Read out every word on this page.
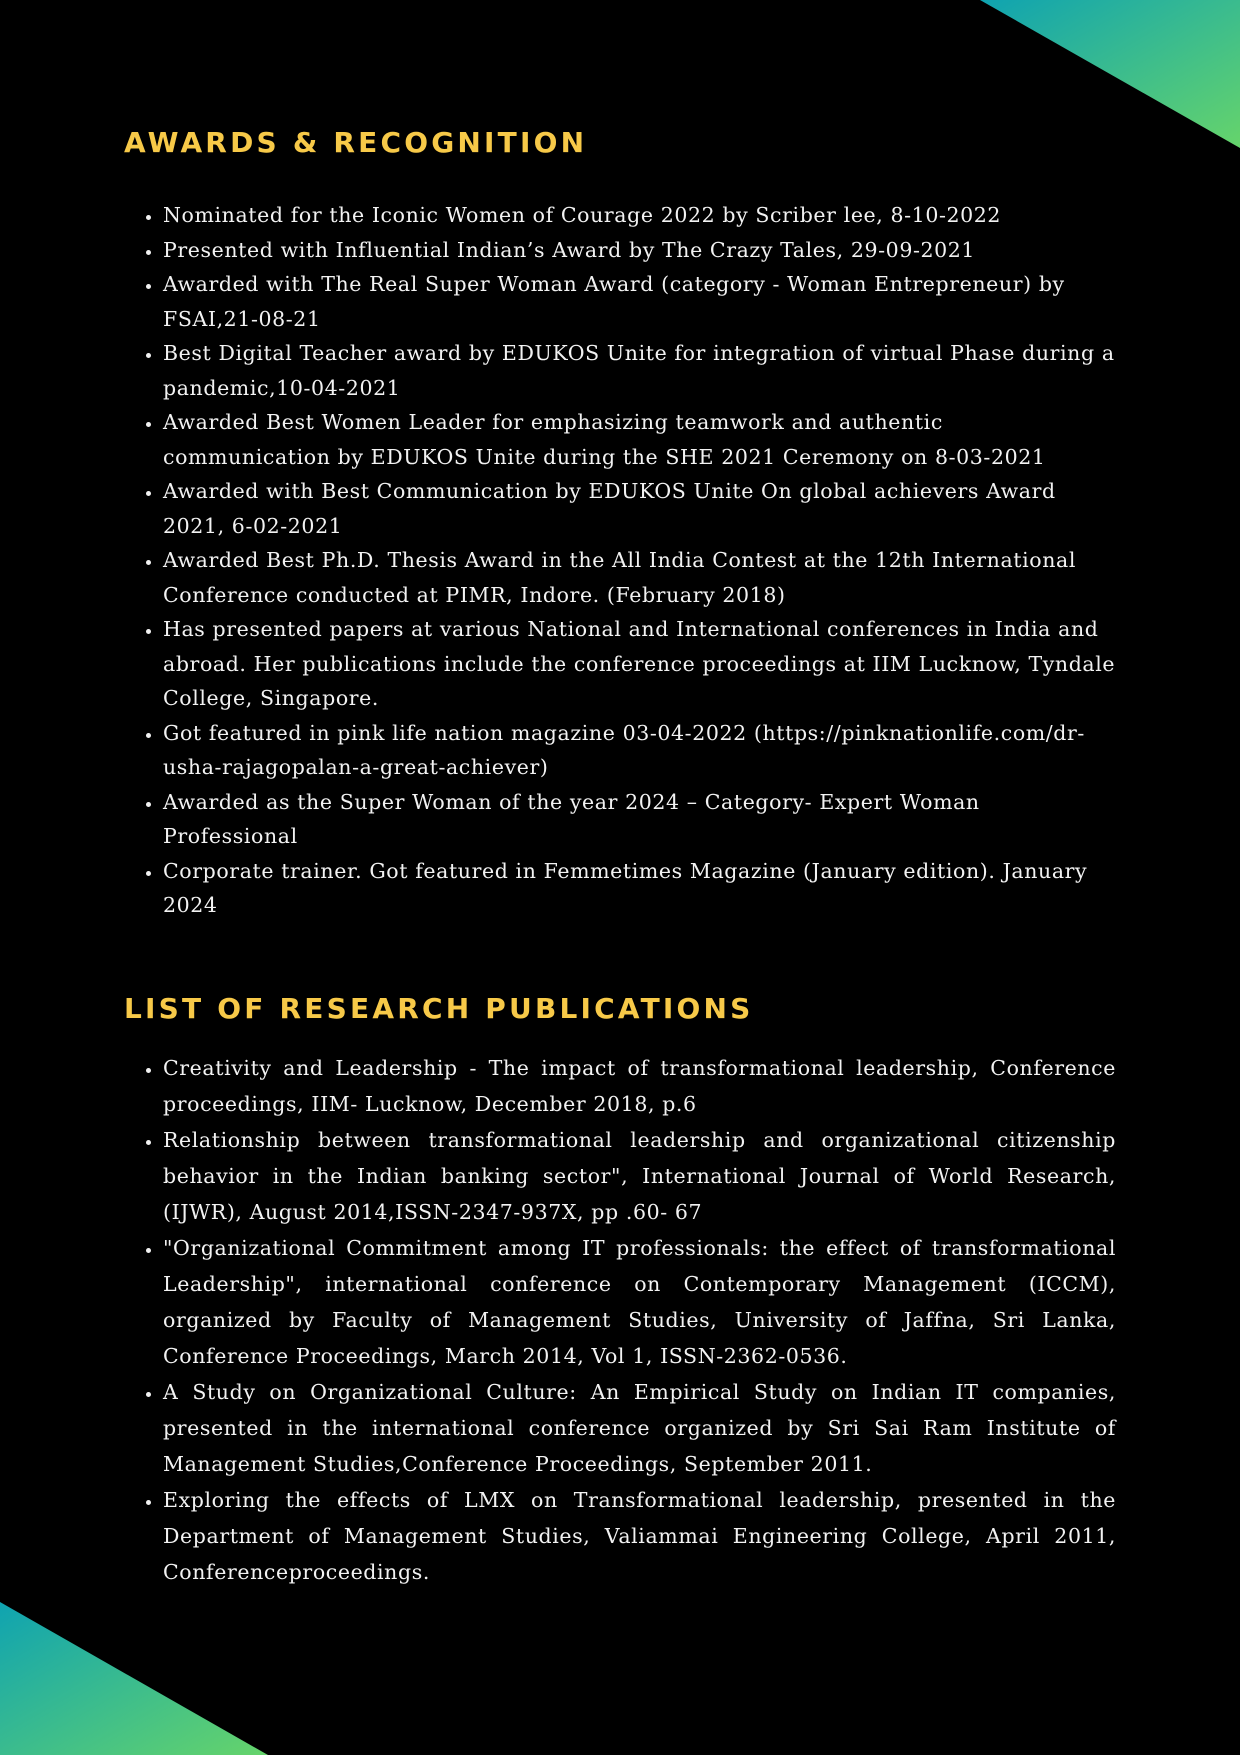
AWARDS & RECOGNITION
• Nominated for the Iconic Women of Courage 2022 by Scriber lee, 8-10-2022
• Presented with Influential Indian’s Award by The Crazy Tales, 29-09-2021
• Awarded with The Real Super Woman Award (category - Woman Entrepreneur) by FSAI,21-08-21
• Best Digital Teacher award by EDUKOS Unite for integration of virtual Phase during a pandemic,10-04-2021
• Awarded Best Women Leader for emphasizing teamwork and authentic communication by EDUKOS Unite during the SHE 2021 Ceremony on 8-03-2021
• Awarded with Best Communication by EDUKOS Unite On global achievers Award 2021, 6-02-2021
• Awarded Best Ph.D. Thesis Award in the All India Contest at the 12th International Conference conducted at PIMR, Indore. (February 2018)
• Has presented papers at various National and International conferences in India and abroad. Her publications include the conference proceedings at IIM Lucknow, Tyndale College, Singapore.
• Got featured in pink life nation magazine 03-04-2022 (https://pinknationlife.com/dr-usha-rajagopalan-a-great-achiever)
• Awarded as the Super Woman of the year 2024 – Category- Expert Woman Professional
• Corporate trainer. Got featured in Femmetimes Magazine (January edition). January 2024
LIST OF RESEARCH PUBLICATIONS
• Creativity and Leadership - The impact of transformational leadership, Conference proceedings, IIM- Lucknow, December 2018, p.6
• Relationship between transformational leadership and organizational citizenship behavior in the Indian banking sector", International Journal of World Research, (IJWR), August 2014,ISSN-2347-937X, pp .60- 67
• "Organizational Commitment among IT professionals: the effect of transformational Leadership", international conference on Contemporary Management (ICCM), organized by Faculty of Management Studies, University of Jaffna, Sri Lanka, Conference Proceedings, March 2014, Vol 1, ISSN-2362-0536.
• A Study on Organizational Culture: An Empirical Study on Indian IT companies, presented in the international conference organized by Sri Sai Ram Institute of Management Studies,Conference Proceedings, September 2011.
• Exploring the effects of LMX on Transformational leadership, presented in the Department of Management Studies, Valiammai Engineering College, April 2011, Conferenceproceedings.
